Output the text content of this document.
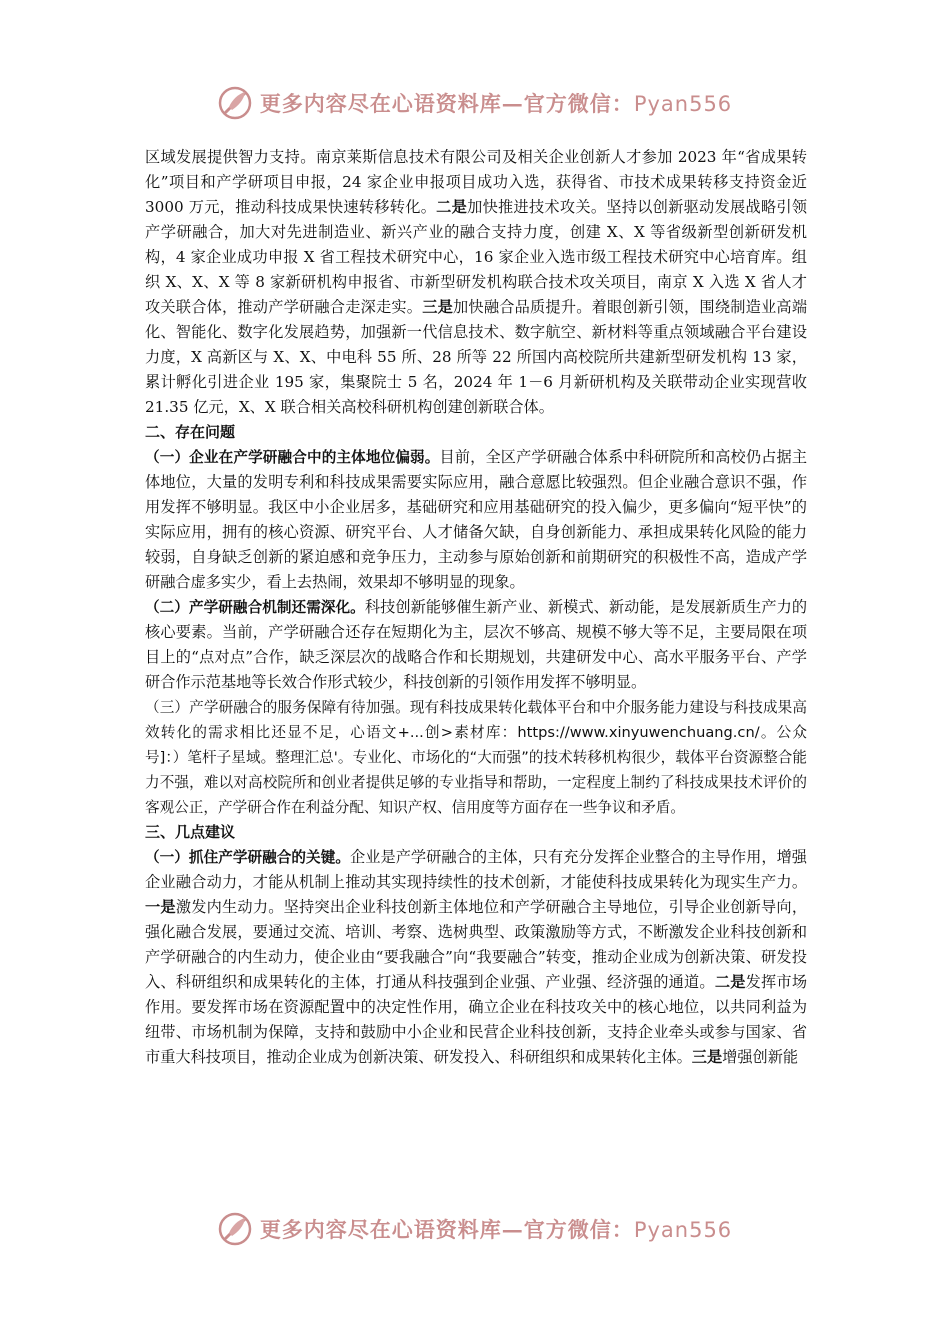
更多内容尽在心语资料库—官方微信：Pyan556

区域发展提供智力支持。南京莱斯信息技术有限公司及相关企业创新人才参加 2023 年“省成果转化”项目和产学研项目申报，24 家企业申报项目成功入选，获得省、市技术成果转移支持资金近 3000 万元，推动科技成果快速转移转化。二是加快推进技术攻关。坚持以创新驱动发展战略引领产学研融合，加大对先进制造业、新兴产业的融合支持力度，创建 X、X 等省级新型创新研发机构，4 家企业成功申报 X 省工程技术研究中心，16 家企业入选市级工程技术研究中心培育库。组织 X、X、X 等 8 家新研机构申报省、市新型研发机构联合技术攻关项目，南京 X 入选 X 省人才攻关联合体，推动产学研融合走深走实。三是加快融合品质提升。着眼创新引领，围绕制造业高端化、智能化、数字化发展趋势，加强新一代信息技术、数字航空、新材料等重点领域融合平台建设力度，X 高新区与 X、X、中电科 55 所、28 所等 22 所国内高校院所共建新型研发机构 13 家，累计孵化引进企业 195 家，集聚院士 5 名，2024 年 1－6 月新研机构及关联带动企业实现营收 21.35 亿元，X、X 联合相关高校科研机构创建创新联合体。

二、存在问题

（一）企业在产学研融合中的主体地位偏弱。目前，全区产学研融合体系中科研院所和高校仍占据主体地位，大量的发明专利和科技成果需要实际应用，融合意愿比较强烈。但企业融合意识不强，作用发挥不够明显。我区中小企业居多，基础研究和应用基础研究的投入偏少，更多偏向“短平快”的实际应用，拥有的核心资源、研究平台、人才储备欠缺，自身创新能力、承担成果转化风险的能力较弱，自身缺乏创新的紧迫感和竞争压力，主动参与原始创新和前期研究的积极性不高，造成产学研融合虚多实少，看上去热闹，效果却不够明显的现象。

（二）产学研融合机制还需深化。科技创新能够催生新产业、新模式、新动能，是发展新质生产力的核心要素。当前，产学研融合还存在短期化为主，层次不够高、规模不够大等不足，主要局限在项目上的“点对点”合作，缺乏深层次的战略合作和长期规划，共建研发中心、高水平服务平台、产学研合作示范基地等长效合作形式较少，科技创新的引领作用发挥不够明显。

（三）产学研融合的服务保障有待加强。现有科技成果转化载体平台和中介服务能力建设与科技成果高效转化的需求相比还显不足，心语文+...创>素材库：https://www.xinyuwenchuang.cn/。公众号]：）笔杆子星域。整理汇总'。专业化、市场化的“大而强”的技术转移机构很少，载体平台资源整合能力不强，难以对高校院所和创业者提供足够的专业指导和帮助，一定程度上制约了科技成果技术评价的客观公正，产学研合作在利益分配、知识产权、信用度等方面存在一些争议和矛盾。

三、几点建议

（一）抓住产学研融合的关键。企业是产学研融合的主体，只有充分发挥企业整合的主导作用，增强企业融合动力，才能从机制上推动其实现持续性的技术创新，才能使科技成果转化为现实生产力。一是激发内生动力。坚持突出企业科技创新主体地位和产学研融合主导地位，引导企业创新导向，强化融合发展，要通过交流、培训、考察、选树典型、政策激励等方式，不断激发企业科技创新和产学研融合的内生动力，使企业由“要我融合”向“我要融合”转变，推动企业成为创新决策、研发投入、科研组织和成果转化的主体，打通从科技强到企业强、产业强、经济强的通道。二是发挥市场作用。要发挥市场在资源配置中的决定性作用，确立企业在科技攻关中的核心地位，以共同利益为纽带、市场机制为保障，支持和鼓励中小企业和民营企业科技创新，支持企业牵头或参与国家、省市重大科技项目，推动企业成为创新决策、研发投入、科研组织和成果转化主体。三是增强创新能

更多内容尽在心语资料库—官方微信：Pyan556
